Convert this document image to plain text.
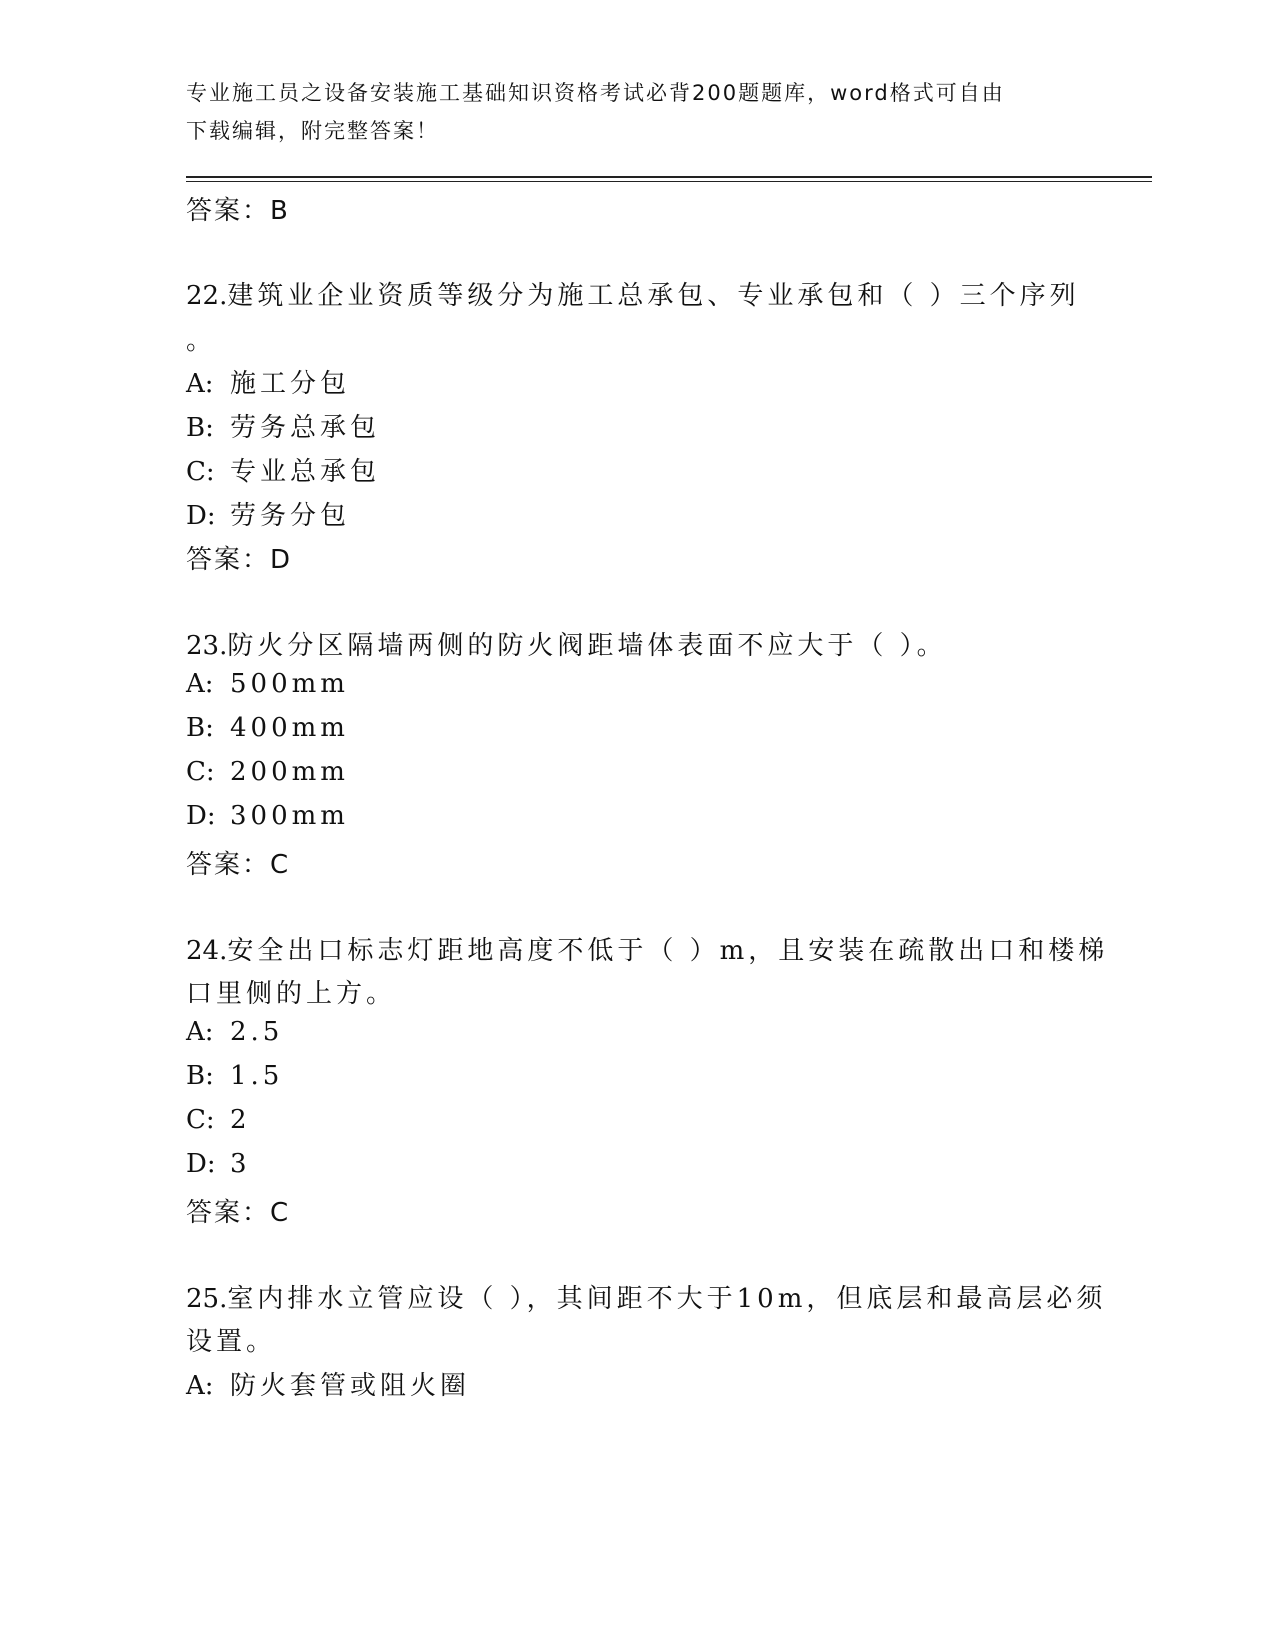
专业施工员之设备安装施工基础知识资格考试必背200题题库，word格式可自由
下载编辑，附完整答案！
答案：B
22.建筑业企业资质等级分为施工总承包、专业承包和（ ）三个序列
。
A: 施工分包
B: 劳务总承包
C: 专业总承包
D: 劳务分包
答案：D
23.防火分区隔墙两侧的防火阀距墙体表面不应大于（ ）。
A: 500mm
B: 400mm
C: 200mm
D: 300mm
答案：C
24.安全出口标志灯距地高度不低于（ ）m，且安装在疏散出口和楼梯
口里侧的上方。
A: 2.5
B: 1.5
C: 2
D: 3
答案：C
25.室内排水立管应设（ ），其间距不大于10m，但底层和最高层必须
设置。
A: 防火套管或阻火圈
